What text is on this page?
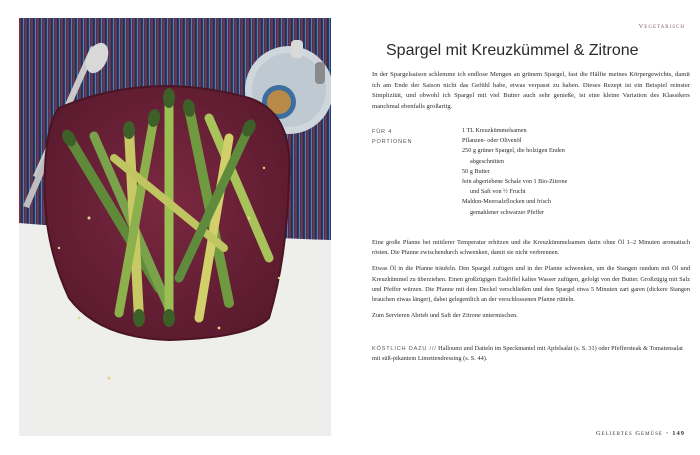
Vegetarisch
Spargel mit Kreuzkümmel & Zitrone

In der Spargelsaison schlemme ich endlose Mengen an grünem Spargel, fast die Hälfte meines Körpergewichts, damit ich am Ende der Saison nicht das Gefühl habe, etwas verpasst zu haben. Dieses Rezept ist ein Beispiel reinster Simplizität, und obwohl ich Spargel mit viel Butter auch sehr genieße, ist eine kleine Variation des Klassikers manchmal ebenfalls großartig.

FÜR 4
PORTIONEN
1 TL Kreuzkümmelsamen
Pflanzen- oder Olivenöl
250 g grüner Spargel, die holzigen Enden abgeschnitten
50 g Butter
fein abgeriebene Schale von 1 Bio-Zitrone und Saft von ½ Frucht
Maldon-Meersalzflocken und frisch gemahlener schwarzer Pfeffer

Eine große Pfanne bei mittlerer Temperatur erhitzen und die Kreuzkümmelsamen darin ohne Öl 1–2 Minuten aromatisch rösten. Die Pfanne zwischendurch schwenken, damit sie nicht verbrennen.

Etwas Öl in die Pfanne träufeln. Den Spargel zufügen und in der Pfanne schwenken, um die Stangen rundum mit Öl und Kreuzkümmel zu überziehen. Einen großzügigen Esslöffel kaltes Wasser zufügen, gefolgt von der Butter. Großzügig mit Salz und Pfeffer würzen. Die Pfanne mit dem Deckel verschließen und den Spargel etwa 5 Minuten zart garen (dickere Stangen brauchen etwas länger), dabei gelegentlich an der verschlossenen Pfanne rütteln.

Zum Servieren Abrieb und Saft der Zitrone untermischen.

KÖSTLICH DAZU /// Halloumi und Datteln im Speckmantel mit Apfelsalat (s. S. 31) oder Pfeffersteak & Tomatensalat mit süß-pikantem Limettendressing (s. S. 44).

Geliebtes Gemüse • 149
